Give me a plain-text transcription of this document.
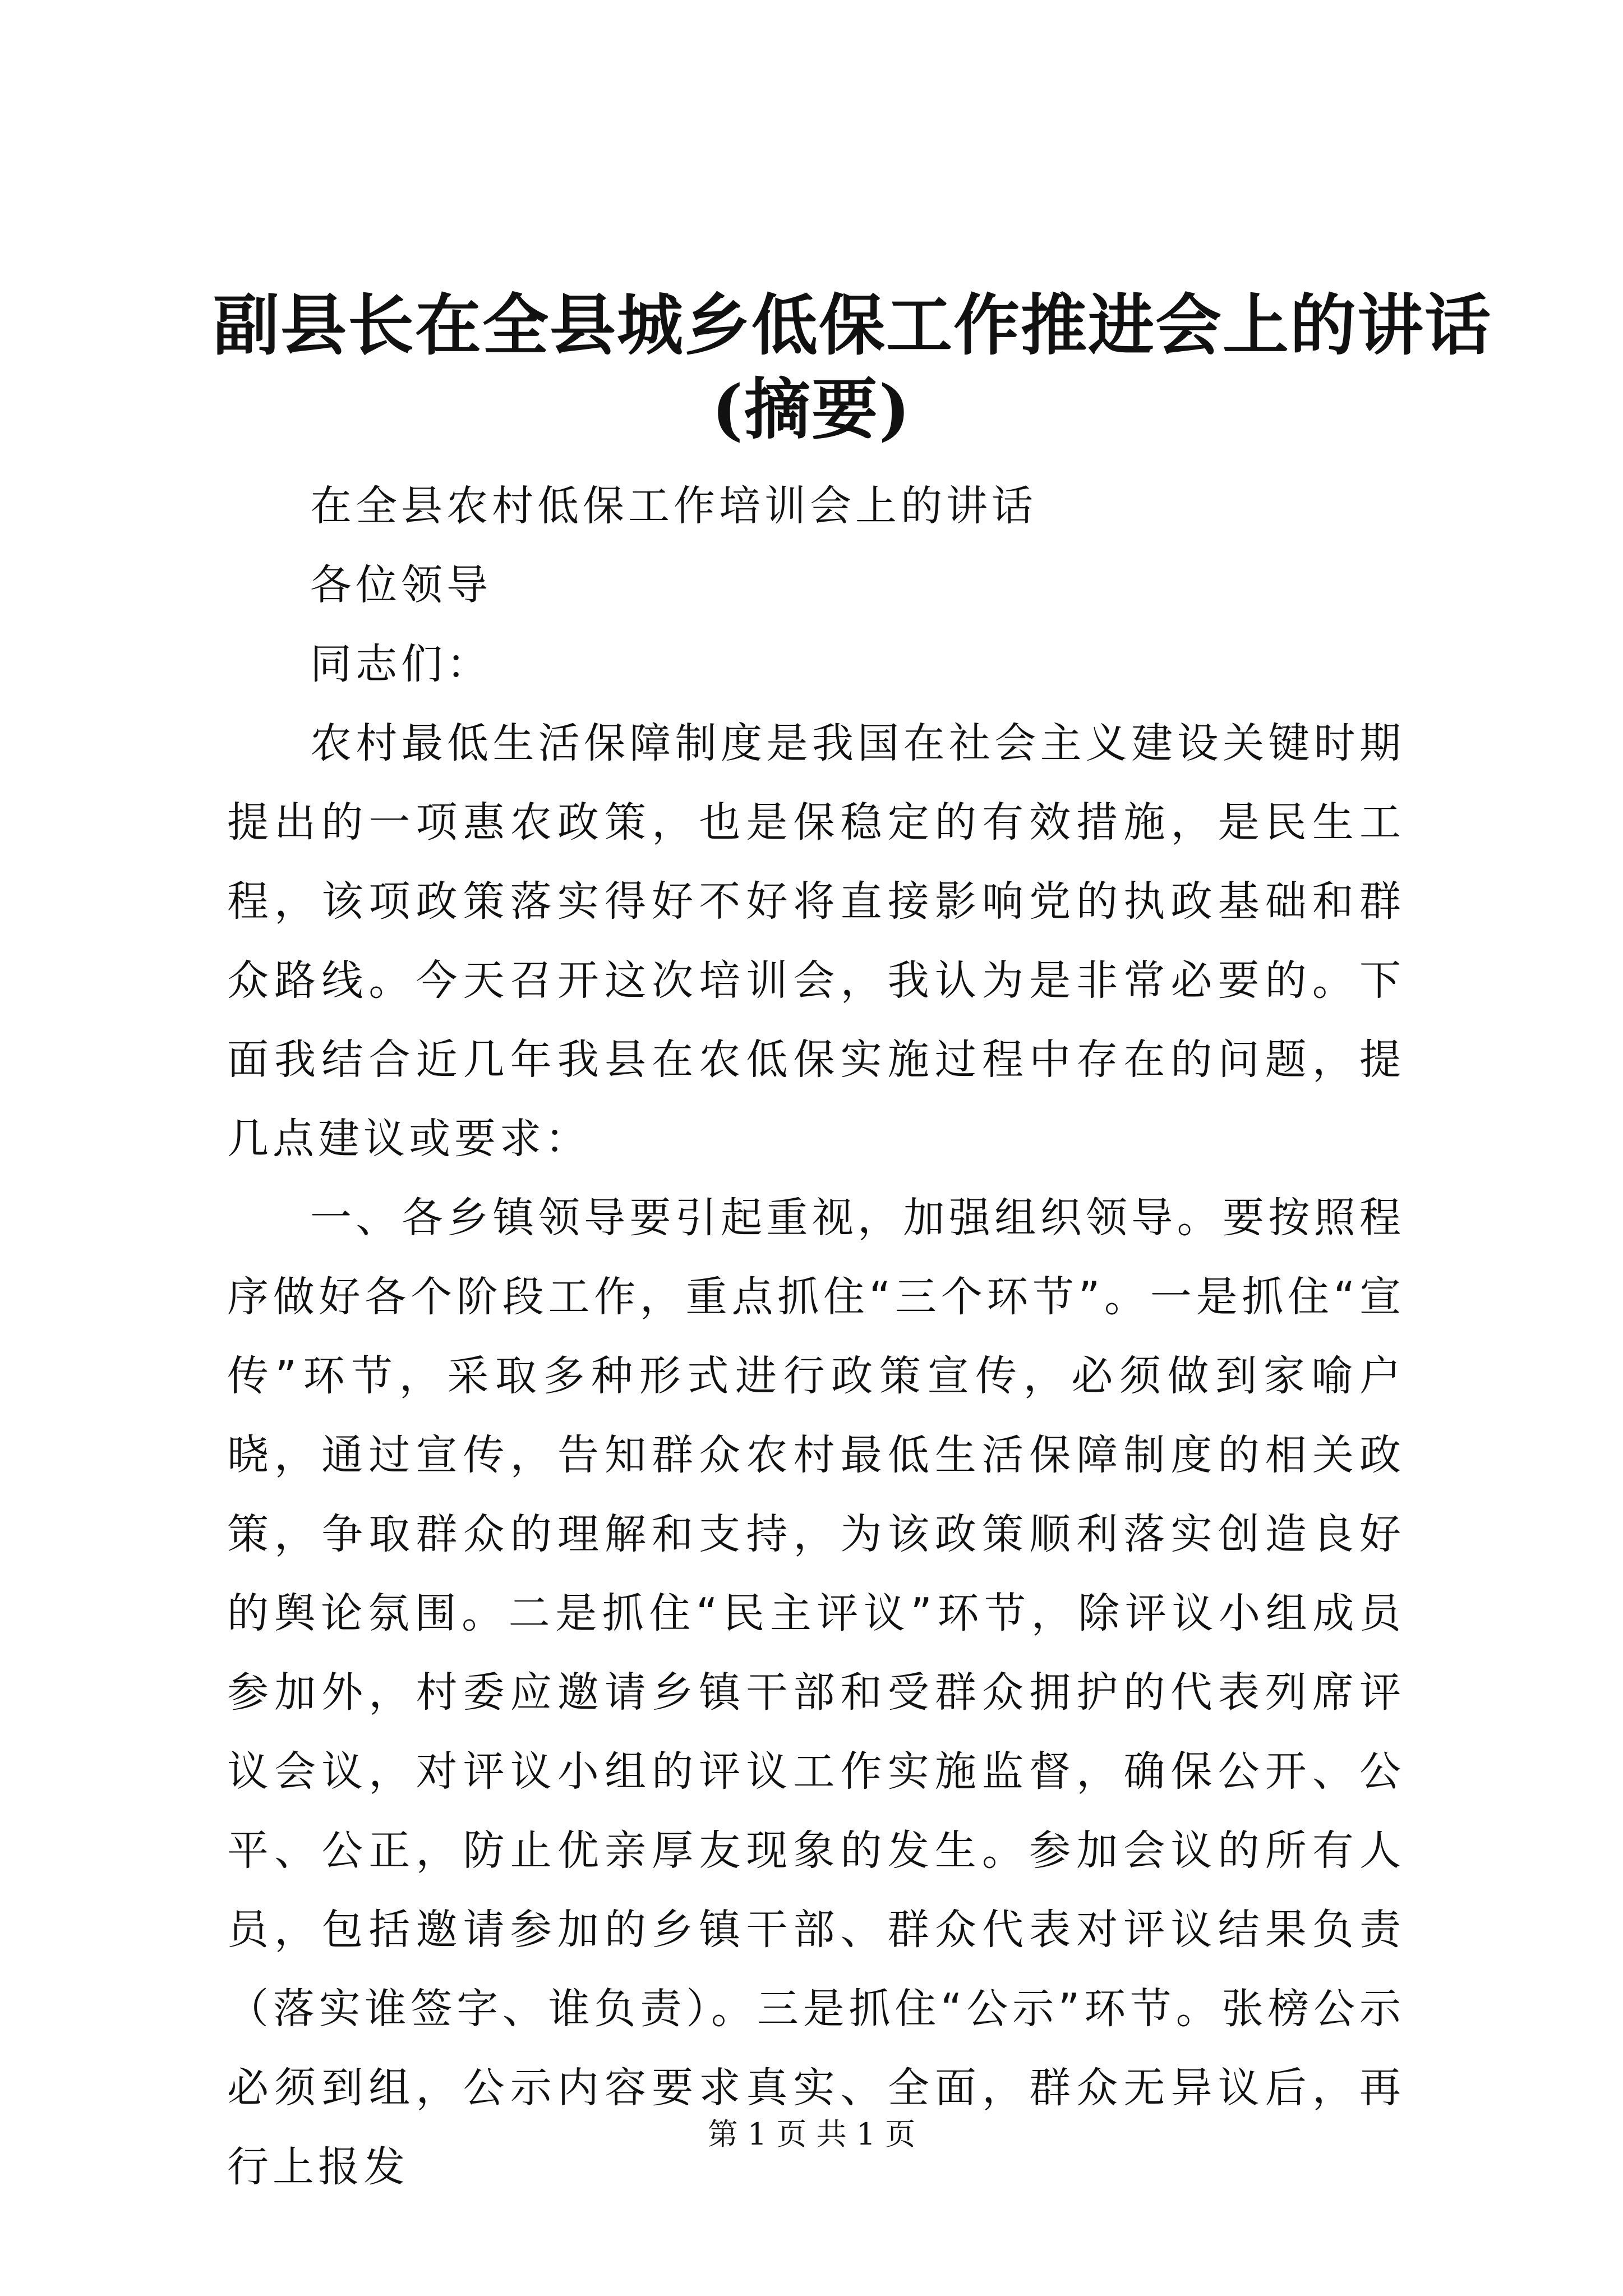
副县长在全县城乡低保工作推进会上的讲话
(摘要)

在全县农村低保工作培训会上的讲话

各位领导

同志们：

农村最低生活保障制度是我国在社会主义建设关键时期提出的一项惠农政策，也是保稳定的有效措施，是民生工程，该项政策落实得好不好将直接影响党的执政基础和群众路线。今天召开这次培训会，我认为是非常必要的。下面我结合近几年我县在农低保实施过程中存在的问题，提几点建议或要求：

一、各乡镇领导要引起重视，加强组织领导。要按照程序做好各个阶段工作，重点抓住“三个环节”。一是抓住“宣传”环节，采取多种形式进行政策宣传，必须做到家喻户晓，通过宣传，告知群众农村最低生活保障制度的相关政策，争取群众的理解和支持，为该政策顺利落实创造良好的舆论氛围。二是抓住“民主评议”环节，除评议小组成员参加外，村委应邀请乡镇干部和受群众拥护的代表列席评议会议，对评议小组的评议工作实施监督，确保公开、公平、公正，防止优亲厚友现象的发生。参加会议的所有人员，包括邀请参加的乡镇干部、群众代表对评议结果负责（落实谁签字、谁负责）。三是抓住“公示”环节。张榜公示必须到组，公示内容要求真实、全面，群众无异议后，再行上报发

第 1 页 共 1 页
